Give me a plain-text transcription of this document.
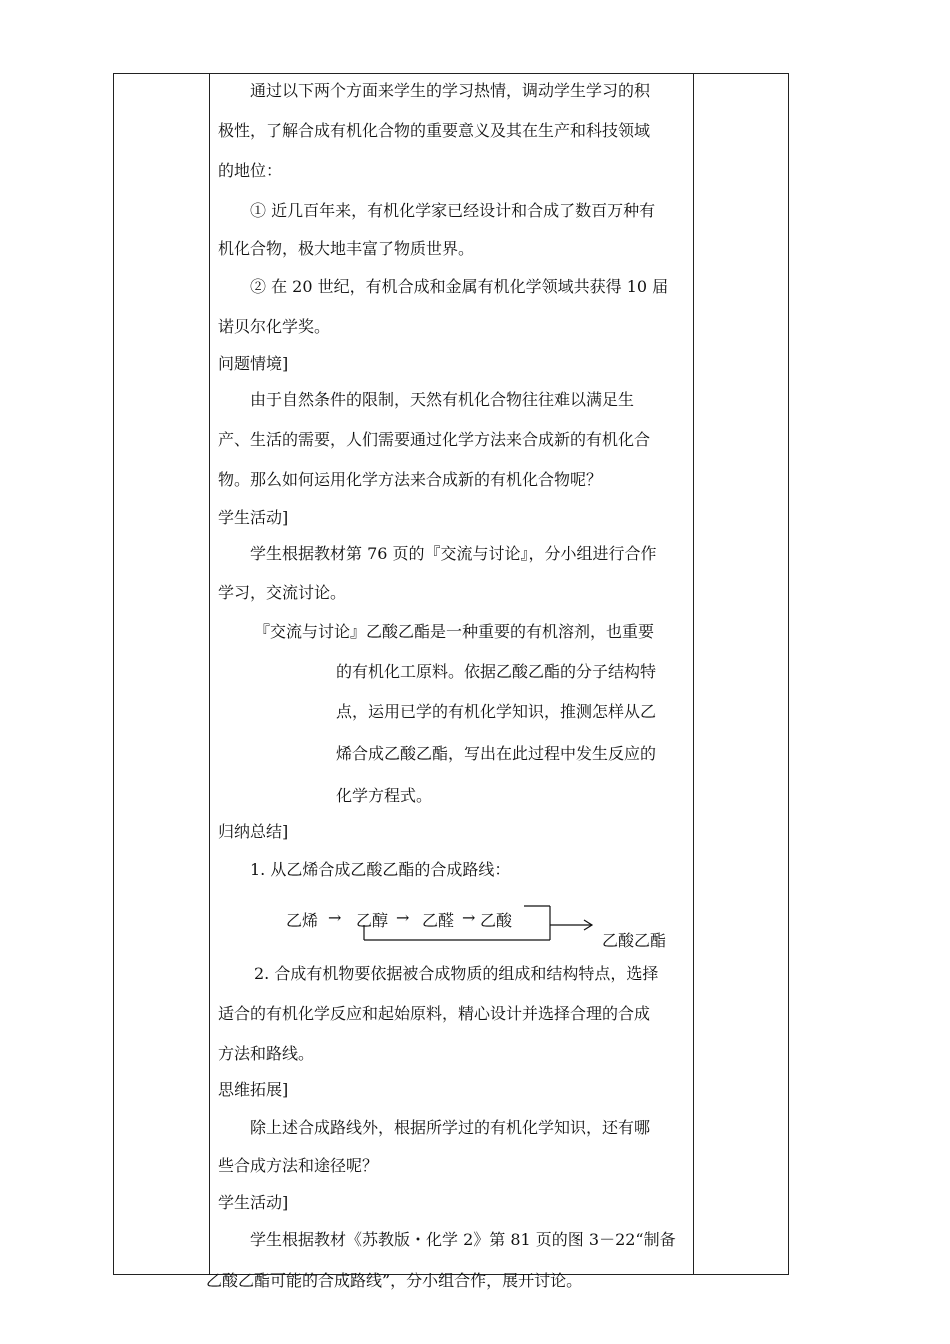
通过以下两个方面来学生的学习热情，调动学生学习的积
极性，了解合成有机化合物的重要意义及其在生产和科技领域
的地位：
① 近几百年来，有机化学家已经设计和合成了数百万种有
机化合物，极大地丰富了物质世界。
② 在 20 世纪，有机合成和金属有机化学领域共获得 10 届
诺贝尔化学奖。
问题情境]
由于自然条件的限制，天然有机化合物往往难以满足生
产、生活的需要，人们需要通过化学方法来合成新的有机化合
物。那么如何运用化学方法来合成新的有机化合物呢？
学生活动]
学生根据教材第 76 页的『交流与讨论』，分小组进行合作
学习，交流讨论。
『交流与讨论』乙酸乙酯是一种重要的有机溶剂，也重要
的有机化工原料。依据乙酸乙酯的分子结构特
点，运用已学的有机化学知识，推测怎样从乙
烯合成乙酸乙酯，写出在此过程中发生反应的
化学方程式。
归纳总结]
1. 从乙烯合成乙酸乙酯的合成路线：
乙烯 → 乙醇 → 乙醛 → 乙酸
乙酸乙酯
2. 合成有机物要依据被合成物质的组成和结构特点，选择
适合的有机化学反应和起始原料，精心设计并选择合理的合成
方法和路线。
思维拓展]
除上述合成路线外，根据所学过的有机化学知识，还有哪
些合成方法和途径呢？
学生活动]
学生根据教材《苏教版・化学 2》第 81 页的图 3－22“制备
乙酸乙酯可能的合成路线”，分小组合作，展开讨论。
